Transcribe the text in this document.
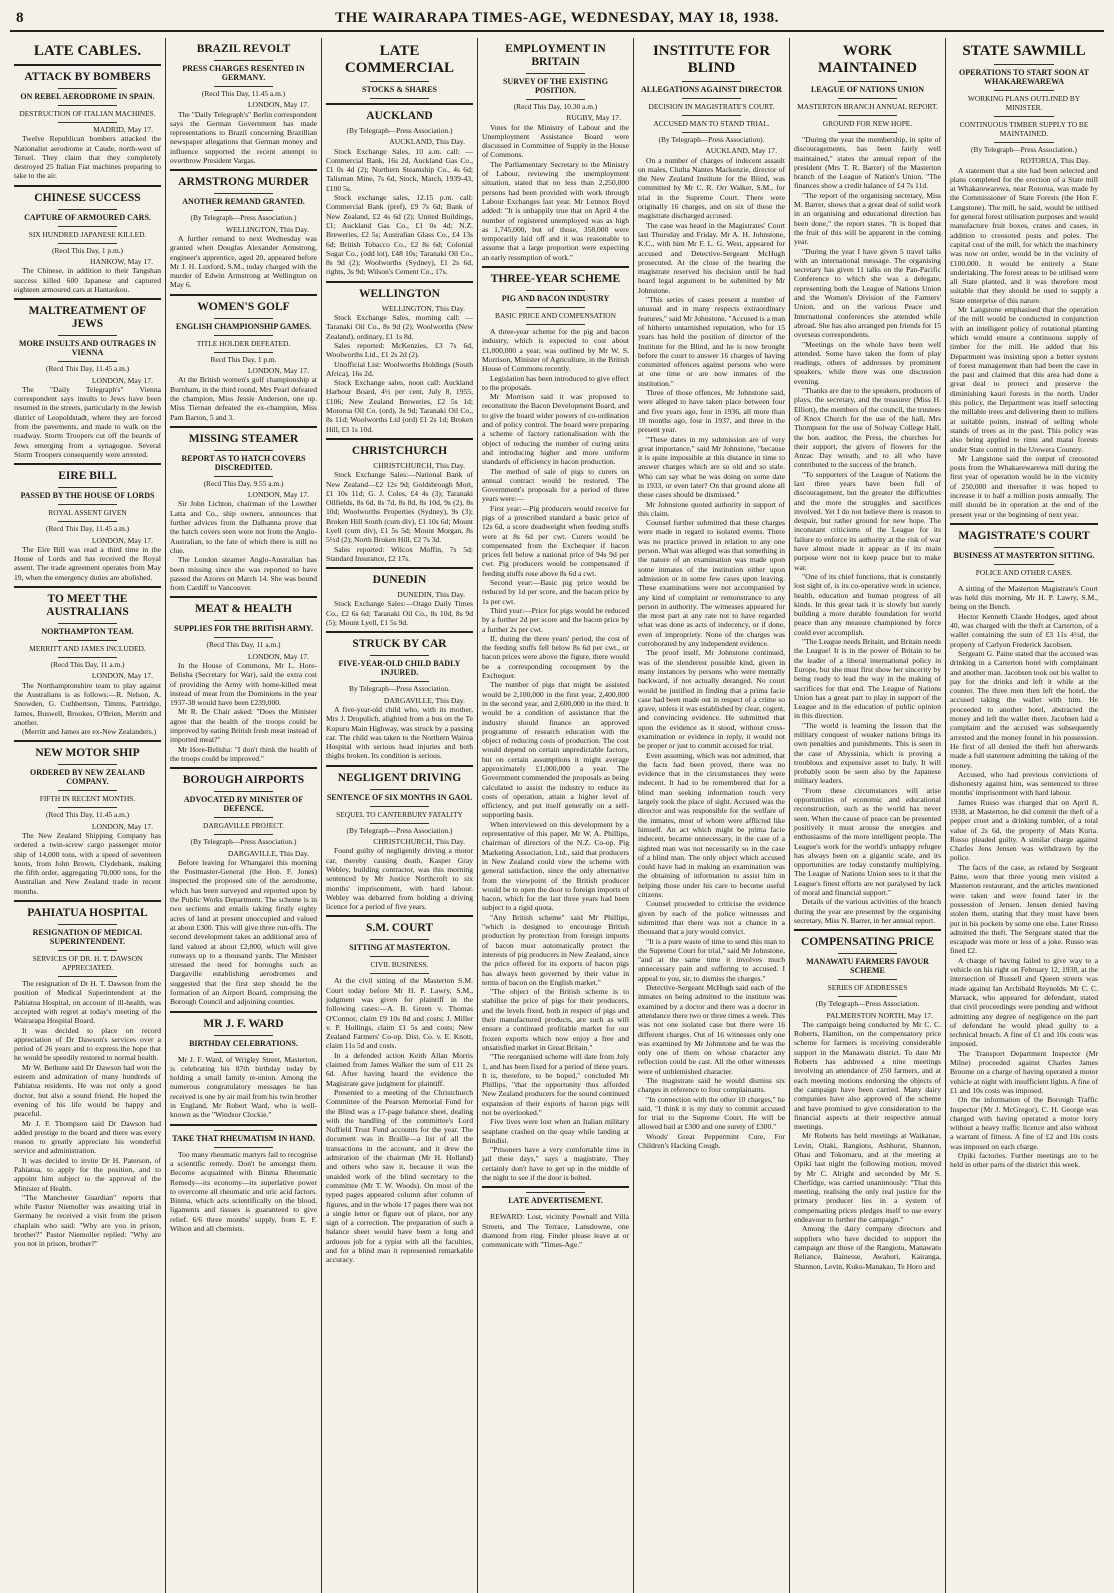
8	THE WAIRARAPA TIMES-AGE, WEDNESDAY, MAY 18, 1938.
LATE CABLES.
ATTACK BY BOMBERS
ON REBEL AERODROME IN SPAIN.
DESTRUCTION OF ITALIAN MACHINES.
MADRID, May 17.

Twelve Republican bombers attacked the Nationalist aerodrome at Caude, north-west of Teruel. They claim that they completely destroyed 25 Italian Fiat machines preparing to take to the air.

CHINESE SUCCESS
CAPTURE OF ARMOURED CARS.
SIX HUNDRED JAPANESE KILLED.
(Recd This Day, 1 p.m.)
HANKOW, May 17.

The Chinese, in addition to their Tangshan success killed 600 Japanese and captured eighteen armoured cars at Hantaokou.

MALTREATMENT OF JEWS
MORE INSULTS AND OUTRAGES IN VIENNA
(Recd This Day, 11.45 a.m.)
LONDON, May 17.

The "Daily Telegraph's" Vienna correspondent says insults to Jews have been resumed in the streets, particularly in the Jewish district of Leopoldstadt, where they are forced from the pavements, and made to walk on the roadway. Storm Troopers cut off the beards of Jews emerging from a synagogue. Several Storm Troopers consequently were arrested.

EIRE BILL
PASSED BY THE HOUSE OF LORDS
ROYAL ASSENT GIVEN
(Recd This Day, 11.45 a.m.)
LONDON, May 17.

The Eire Bill was read a third time in the House of Lords and has received the Royal assent. The trade agreement operates from May 19, when the emergency duties are abolished.

TO MEET THE AUSTRALIANS
NORTHAMPTON TEAM.
MERRITT AND JAMES INCLUDED.
(Recd This Day, 11 a.m.)
LONDON, May 17.

The Northamptonshire team to play against the Australians is as follows:—R. Nelson, A. Snowden, G. Cuthbertson, Timms, Partridge, James, Buswell, Brookes, O'Brien, Merritt and another.

(Merritt and James are ex-New Zealanders.)

NEW MOTOR SHIP
ORDERED BY NEW ZEALAND COMPANY.
FIFTH IN RECENT MONTHS.
(Recd This Day, 11.45 a.m.)
LONDON, May 17.

The New Zealand Shipping Company has ordered a twin-screw cargo passenger motor ship of 14,000 tons, with a speed of seventeen knots, from John Brown, Clydebank, making the fifth order, aggregating 70,000 tons, for the Australian and New Zealand trade in recent months.

PAHIATUA HOSPITAL
RESIGNATION OF MEDICAL SUPERINTENDENT.
SERVICES OF DR. H. T. DAWSON APPRECIATED.

The resignation of Dr H. T. Dawson from the position of Medical Superintendent at the Pahiatua Hospital, on account of ill-health, was accepted with regret at today's meeting of the Wairarapa Hospital Board.

It was decided to place on record appreciation of Dr Dawson's services over a period of 26 years and to express the hope that he would be speedily restored to normal health.

Mr W. Bethune said Dr Dawson had won the esteem and admiration of many hundreds of Pahiatua residents. He was not only a good doctor, but also a sound friend. He hoped the evening of his life would be happy and peaceful.

Mr J. F. Thompson said Dr Dawson had added prestige to the board and there was every reason to greatly appreciate his wonderful service and administration.

It was decided to invite Dr H. Paterson, of Pahiatua, to apply for the position, and to appoint him subject to the approval of the Minister of Health.

"The Manchester Guardian" reports that while Pastor Niemoller was awaiting trial in Germany he received a visit from the prison chaplain who said: "Why are you in prison, brother?" Pastor Niemoller replied: "Why are you not in prison, brother?"

BRAZIL REVOLT
PRESS CHARGES RESENTED IN GERMANY.
(Recd This Day, 11.45 a.m.)
LONDON, May 17.

The "Daily Telegraph's" Berlin correspondent says the German Government has made representations to Brazil concerning Brazillian newspaper allegations that German money and influence supported the recent attempt to overthrow President Vargas.

ARMSTRONG MURDER
ANOTHER REMAND GRANTED.
(By Telegraph—Press Association.)
WELLINGTON, This Day.

A further remand to next Wednesday was granted when Douglas Alexander Armstrong, engineer's apprentice, aged 20, appeared before Mr J. H. Luxford, S.M., today charged with the murder of Edwin Armstrong at Wellington on May 6.

WOMEN'S GOLF
ENGLISH CHAMPIONSHIP GAMES.
TITLE HOLDER DEFEATED.
Recd This Day, 1 p.m.
LONDON, May 17.

At the British women's golf championship at Burnham, in the third round, Mrs Pearl defeated the champion, Miss Jessie Anderson, one up. Miss Tiernan defeated the ex-champion, Miss Pam Barton, 5 and 3.

MISSING STEAMER
REPORT AS TO HATCH COVERS DISCREDITED.
(Recd This Day, 9.55 a.m.)
LONDON, May 17.

Sir John Lichton, chairman of the Lowther Latta and Co., ship owners, announces that further advices from the Dalhanna prove that the hatch covers seen were not from the Anglo-Australian, to the fate of which there is still no clue.

The London steamer Anglo-Australian has been missing since she was reported to have passed the Azores on March 14. She was bound from Cardiff to Vancouver.

MEAT & HEALTH
SUPPLIES FOR THE BRITISH ARMY.
(Recd This Day, 11 a.m.)
LONDON, May 17.

In the House of Commons, Mr L. Hore-Belisha (Secretary for War), said the extra cost of providing the Army with home-killed meat instead of meat from the Dominions in the year 1937-38 would have been £239,000.

Mr R. De Chair asked: "Does the Minister agree that the health of the troops could be improved by eating British fresh meat instead of imported meat?"

Mr Hore-Belisha: "I don't think the health of the troops could be improved."

BOROUGH AIRPORTS
ADVOCATED BY MINISTER OF DEFENCE.
DARGAVILLE PROJECT.
(By Telegraph—Press Association.)
DARGAVILLE, This Day.

Before leaving for Whangarei this morning the Postmaster-General (the Hon. F. Jones) inspected the proposed site of the aerodrome, which has been surveyed and reported upon by the Public Works Department. The scheme is in two sections and entails taking firstly eighty acres of land at present unoccupied and valued at about £300. This will give three run-offs. The second development takes an additional area of land valued at about £2,000, which will give runways up to a thousand yards. The Minister stressed the need for boroughs such as Dargaville establishing aerodromes and suggested that the first step should be the formation of an Airport Board, comprising the Borough Council and adjoining counties.

MR J. F. WARD
BIRTHDAY CELEBRATIONS.

Mr J. F. Ward, of Wrigley Street, Masterton, is celebrating his 87th birthday today by holding a small family re-union. Among the numerous congratulatory messages he has received is one by air mail from his twin brother in England, Mr Robert Ward, who is well-known as the "Windsor Clockie."

TAKE THAT RHEUMATISM IN HAND.

Too many rheumatic martyrs fail to recognise a scientific remedy. Don't be amongst them. Become acquainted with Binma Rheumatic Remedy—its economy—its superlative power to overcome all rheumatic and uric acid factors. Binma, which acts scientifically on the blood, ligaments and tissues is guaranteed to give relief. 6/6 three months' supply, from E. F. Wilson and all chemists.

LATE COMMERCIAL
STOCKS & SHARES
AUCKLAND
(By Telegraph—Press Association.)
AUCKLAND, This Day.

Stock Exchange Sales, 10 a.m. call: —Commercial Bank, 16s 2d, Auckland Gas Co., £1 0s 4d (2); Northern Steamship Co., 4s 6d; Talisman Mine, 7s 6d, Stock, March, 1939-43, £100 5s.

Stock exchange sales, 12.15 p.m. call: Commercial Bank (pref), £9 7s 6d; Bank of New Zealand, £2 4s 6d (2); United Buildings, £1; Auckland Gas Co., £1 0s 4d; N.Z. Breweries, £2 5s; Australian Glass Co., £4 13s 6d; British Tobacco Co., £2 8s 6d; Colonial Sugar Co., (odd lot), £48 10s; Taranaki Oil Co., 8s 9d (2); Woolworths (Sydney), £1 2s 6d, rights, 3s 9d; Wilson's Cement Co., 17s.

WELLINGTON
WELLINGTON, This Day.

Stock Exchange Sales, morning call: —Taranaki Oil Co., 8s 9d (2); Woolworths (New Zealand), ordinary, £1 1s 8d.

Sales reported: McKenzies, £3 7s 6d, Woolworths Ltd., £1 2s 2d (2).

Unofficial List: Woolworths Holdings (South Africa), 16s 2d.

Stock Exchange sales, noon call: Auckland Harbour Board, 4½ per cent, July 8, 1955, £106; New Zealand Breweries, £2 5s 1d; Motorua Oil Co. (ord), 3s 9d; Taranaki Oil Co., 8s 11d; Woolworths Ltd (ord) £1 2s 1d; Broken Hill, £3 1s 10d.

CHRISTCHURCH
CHRISTCHURCH, This Day.

Stock Exchange Sales:—National Bank of New Zealand—£2 12s 9d; Goldsbrough Mort, £1 10s 11d; G. J. Coles, £4 4s (3); Taranaki Oilfields, 8s 6d, 8s 7d, 8s 8d, 8s 10d, 9s (2), 8s 10d; Woolworths Properties (Sydney), 9s (3); Broken Hill South (cum div), £1 10s 6d; Mount Lyell (cum div), £1 5s 5d; Mount Morgan, 8s 5½d (2); North Broken Hill, £2 7s 3d.

Sales reported: Wilcox Moffin, 7s 5d; Standard Insurance, £2 17s.

DUNEDIN
DUNEDIN, This Day.

Stock Exchange Sales:—Otago Daily Times Co., £2 6s 6d; Taranaki Oil Co., 8s 10d, 8s 9d (5); Mount Lyell, £1 5s 9d.

STRUCK BY CAR
FIVE-YEAR-OLD CHILD BADLY INJURED.
By Telegraph—Press Association.
DARGAVILLE, This Day.

A five-year-old child who, with its mother, Mrs J. Dropulich, alighted from a bus on the Te Kopuru Main Highway, was struck by a passing car. The child was taken to the Northern Wairoa Hospital with serious head injuries and both thighs broken. Its condition is serious.

NEGLIGENT DRIVING
SENTENCE OF SIX MONTHS IN GAOL
SEQUEL TO CANTERBURY FATALITY
(By Telegraph—Press Association.)
CHRISTCHURCH, This Day.

Found guilty of negligently driving a motor car, thereby causing death, Kasper Gray Webley, building contractor, was this morning sentenced by Mr Justice Northcroft to six months' imprisonment, with hard labour. Webley was debarred from holding a driving licence for a period of five years.

S.M. COURT
SITTING AT MASTERTON.
CIVIL BUSINESS.

At the civil sitting of the Masterton S.M. Court today before Mr H. P. Lawry, S.M., judgment was given for plaintiff in the following cases:—A. B. Green v. Thomas O'Connor, claim £9 10s 8d and costs; J. Miller v. P. Hollings, claim £1 5s and costs; New Zealand Farmers' Co-op. Dist. Co. v. E. Knott, claim 11s 5d and costs.

In a defended action Keith Allan Morris claimed from James Walker the sum of £11 2s 6d. After having heard the evidence the Magistrate gave judgment for plaintiff.

Presented to a meeting of the Christchurch Committee of the Pearson Memorial Fund for the Blind was a 17-page balance sheet, dealing with the handling of the committee's Lord Nuffield Trust Fund accounts for the year. The document was in Braille—a list of all the transactions in the account, and it drew the admiration of the chairman (Mr H. Holland) and others who saw it, because it was the unaided work of the blind secretary to the committee (Mr T. W. Woods). On most of the typed pages appeared column after column of figures, and in the whole 17 pages there was not a single letter or figure out of place, nor any sign of a correction. The preparation of such a balance sheet would have been a long and arduous job for a typist with all the faculties, and for a blind man it represented remarkable accuracy.

EMPLOYMENT IN BRITAIN
SURVEY OF THE EXISTING POSITION.
(Recd This Day, 10.30 a.m.)
RUGBY, May 17.

Votes for the Ministry of Labour and the Unemployment Assistance Board were discussed in Committee of Supply in the House of Commons.

The Parliamentary Secretary to the Ministry of Labour, reviewing the unemployment situation, stated that no less than 2,250,000 persons had been provided with work through Labour Exchanges last year. Mr Lennox Boyd added: "It is unhappily true that on April 4 the number of registered unemployed was as high as 1,745,000, but of those, 358,000 were temporarily laid off and it was reasonable to assume that a large proportion were expecting an early resumption of work."

THREE-YEAR SCHEME
PIG AND BACON INDUSTRY
BASIC PRICE AND COMPENSATION

A three-year scheme for the pig and bacon industry, which is expected to cost about £1,000,000 a year, was outlined by Mr W. S. Morrison, Minister of Agriculture, in the British House of Commons recently.

Legislation has been introduced to give effect to the proposals.

Mr Morrison said it was proposed to reconstitute the Bacon Development Board, and to give the board wider powers of co-ordination and of policy control. The board were preparing a scheme of factory rationalisation with the object of reducing the number of curing units and introducing higher and more uniform standards of efficiency in bacon production.

The method of sale of pigs to curers on annual contract would be restored. The Government's proposals for a period of three years were:—

First year:—Pig producers would receive for pigs of a prescribed standard a basic price of 12s 6d, a score deadweight when feeding stuffs were at 8s 6d per cwt. Curers would be compensated from the Exchequer if bacon prices fell below a national price of 94s 9d per cwt. Pig producers would be compensated if feeding stuffs rose above 8s 6d a cwt.

Second year:—Basic pig price would be reduced by 1d per score, and the bacon price by 1s per cwt.

Third year:—Price for pigs would be reduced by a further 2d per score and the bacon price by a further 2s per cwt.

If, during the three years' period, the cost of the feeding stuffs fell below 8s 6d per cwt., or bacon prices were above the figure, there would be a corresponding recoupment by the Exchequer.

The number of pigs that might be assisted would be 2,100,000 in the first year, 2,400,000 in the second year, and 2,600,000 in the third. It would be a condition of assistance that the industry should finance an approved programme of research education with the object of reducing costs of production. The cost would depend on certain unpredictable factors, but on certain assumptions it might average approximately £1,000,000 a year. The Government commended the proposals as being calculated to assist the industry to reduce its costs of operation, attain a higher level of efficiency, and put itself generally on a self-supporting basis.

When interviewed on this development by a representative of this paper, Mr W. A. Phillips, chairman of directors of the N.Z. Co-op. Pig Marketing Association, Ltd., said that producers in New Zealand could view the scheme with general satisfaction, since the only alternative from the viewpoint of the British producer would be to open the door to foreign imports of bacon, which for the last three years had been subject to a rigid quota.

"Any British scheme" said Mr Phillips, "which is designed to encourage British production by protection from foreign imports of bacon must automatically protect the interests of pig producers in New Zealand, since the price offered for its exports of bacon pigs has always been governed by their value in terms of bacon on the English market."

"The object of the British scheme is to stabilise the price of pigs for their producers, and the levels fixed, both in respect of pigs and their manufactured products, are such as will ensure a continued profitable market for our frozen exports which now enjoy a free and unsatisfied market in Great Britain."

"The reorganised scheme will date from July 1, and has been fixed for a period of three years. It is, therefore, to be hoped," concluded Mr Phillips, "that the opportunity thus afforded New Zealand producers for the sound continued expansion of their exports of bacon pigs will not be overlooked."

Five lives were lost when an Italian military seaplane crashed on the quay while landing at Brindisi.

"Prisoners have a very comfortable time in jail these days," says a magistrate. They certainly don't have to get up in the middle of the night to see if the door is bolted.

LATE ADVERTISEMENT.

REWARD: Lost, vicinity Pownall and Villa Streets, and The Terrace, Lansdowne, one diamond from ring. Finder please leave at or communicate with "Times-Age."

INSTITUTE FOR BLIND
ALLEGATIONS AGAINST DIRECTOR
DECISION IN MAGISTRATE'S COURT.
ACCUSED MAN TO STAND TRIAL.
(By Telegraph—Press Association).
AUCKLAND, May 17.

On a number of charges of indecent assault on males, Clutha Nantes Mackenzie, director of the New Zealand Institute for the Blind, was committed by Mr C. R. Orr Walker, S.M., for trial in the Supreme Court. There were originally 16 charges, and on six of these the magistrate discharged accused.

The case was heard in the Magistrates' Court last Thursday and Friday. Mr A. H. Johnstone, K.C., with him Mr F. L. G. West, appeared for accused and Detective-Sergeant McHugh prosecuted. At the close of the hearing the magistrate reserved his decision until he had heard legal argument to be submitted by Mr Johnstone.

"This series of cases present a number of unusual and in many respects extraordinary features," said Mr Johnstone. "Accused is a man of hitherto untarnished reputation, who for 15 years has held the position of director of the Institute for the Blind, and he is now brought before the court to answer 16 charges of having committed offences against persons who were at one time or are now inmates of the institution."

Three of those offences, Mr Johnstone said, were alleged to have taken place between four and five years ago, four in 1936, all more than 18 months ago, four in 1937, and three in the present year.

"These dates in my submission are of very great importance," said Mr Johnstone, "because it is quite impossible at this distance in time to answer charges which are so old and so stale. Who can say what he was doing on some date in 1933, or even later? On that ground alone all these cases should be dismissed."

Mr Johnstone quoted authority in support of this claim.

Counsel further submitted that these charges were made in regard to isolated events. There was no practice proved in relation to any one person. What was alleged was that something in the nature of an examination was made upon some inmates of the institution either upon admission or in some few cases upon leaving. These examinations were not accompanied by any kind of complaint or remonstrance to any person in authority. The witnesses appeared for the most part at any rate not to have regarded what was done as acts of indecency, or if done, even of impropriety. None of the charges was corroborated by any independent evidence.

The proof itself, Mr Johnstone continued, was of the slenderest possible kind, given in many instances by persons who were mentally backward, if not actually deranged. No court would be justified in finding that a prima facie case had been made out in respect of a crime so grave, unless it was established by clear, cogent, and convincing evidence. He submitted that upon the evidence as it stood, without cross-examination or evidence in reply, it would not be proper or just to commit accused for trial.

Even assuming, which was not admitted, that the facts had been proved, there was no evidence that in the circumstances they were indecent. It had to be remembered that for a blind man seeking information touch very largely took the place of sight. Accused was the director and was responsible for the welfare of the inmates, most of whom were afflicted like himself. An act which might be prima facie indecent, became unnecessary, in the case of a sighted man was not necessarily so in the case of a blind man. The only object which accused could have had in making an examination was the obtaining of information to assist him in helping those under his care to become useful citizens.

Counsel proceeded to criticise the evidence given by each of the police witnesses and submitted that there was not a chance in a thousand that a jury would convict.

"It is a pure waste of time to send this man to the Supreme Court for trial," said Mr Johnstone, "and at the same time it involves much unnecessary pain and suffering to accused. I appeal to you, sir, to dismiss the charges."

Detective-Sergeant McHugh said each of the inmates on being admitted to the institute was examined by a doctor and there was a doctor in attendance there two or three times a week. This was not one isolated case but there were 16 different charges. Out of 16 witnesses only one was examined by Mr Johnstone and he was the only one of them on whose character any reflection could be cast. All the other witnesses were of unblemished character.

The magistrate said he would dismiss six charges in reference to four complainants.

"In connection with the other 10 charges," he said, "I think it is my duty to commit accused for trial to the Supreme Court. He will be allowed bail at £300 and one surety of £300."

Woods' Great Peppermint Cure, For Children's Hacking Cough.

WORK MAINTAINED
LEAGUE OF NATIONS UNION
MASTERTON BRANCH ANNUAL REPORT.
GROUND FOR NEW HOPE.

"During the year the membership, in spite of discouragements, has been fairly well maintained," states the annual report of the president (Mrs T. R. Barrer) of the Masterton branch of the League of Nation's Union. "The finances show a credit balance of £4 7s 11d.

"The report of the organising secretary, Miss M. Barrer, shows that a great deal of solid work in an organising and educational direction has been done," the report states. "It is hoped that the fruit of this will be apparent in the coming year.

"During the year I have given 5 travel talks with an international message. The organising secretary has given 11 talks on the Pan-Pacific Conference to which she was a delegate, representing both the League of Nations Union and the Women's Division of the Farmers' Union, and on the various Peace and International conferences she attended while abroad. She has also arranged pen friends for 15 overseas correspondents.

"Meetings on the whole have been well attended. Some have taken the form of play readings, others of addresses by prominent speakers, while there was one discussion evening.

"Thanks are due to the speakers, producers of plays, the secretary, and the treasurer (Miss H. Elliott), the members of the council, the trustees of Knox Church for the use of the hall, Mrs Thompson for the use of Solway College Hall, the hon. auditor, the Press, the churches for their support, the givers of flowers for the Anzac Day wreath, and to all who have contributed to the success of the branch.

"To supporters of the League of Nations the last three years have been full of discouragement, but the greater the difficulties and the more the struggles and sacrifices involved. Yet I do not believe there is reason to despair, but rather ground for new hope. The inconstant criticisms of the League for its failure to enforce its authority at the risk of war have almost made it appear as if its main purpose were not to keep peace but to make war.

"One of its chief functions, that is constantly lost sight of, is its co-operative work in science, health, education and human progress of all kinds. In this great task it is slowly but surely building a more durable foundation for world peace than any measure championed by force could ever accomplish.

"The League needs Britain, and Britain needs the League! It is in the power of Britain to be the leader of a liberal international policy in Europe, but she must first show her sincerity by being ready to lead the way in the making of sacrifices for that end. The League of Nations Union has a great part to play in support of the League and in the education of public opinion in this direction.

"The world is learning the lesson that the military conquest of weaker nations brings its own penalties and punishments. This is seen in the case of Abyssinia, which is proving a troublous and expensive asset to Italy. It will probably soon be seen also by the Japanese military leaders.

"From these circumstances will arise opportunities of economic and educational reconstruction, such as the world has never seen. When the cause of peace can be presented positively it must arouse the energies and enthusiasms of the more intelligent people. The League's work for the world's unhappy refugee has always been on a gigantic scale, and its opportunities are today constantly multiplying. The League of Nations Union sees to it that the League's finest efforts are not paralysed by lack of moral and financial support."

Details of the various activities of the branch during the year are presented by the organising secretary, Miss N. Barrer, in her annual report.

COMPENSATING PRICE
MANAWATU FARMERS FAVOUR SCHEME
SERIES OF ADDRESSES
(By Telegraph—Press Association.
PALMERSTON NORTH, May 17.

The campaign being conducted by Mr C. C. Roberts, Hamilton, on the compensatory price scheme for farmers is receiving considerable support in the Manawatu district. To date Mr Roberts has addressed a nine meetings involving an attendance of 250 farmers, and at each meeting motions endorsing the objects of the campaign have been carried. Many dairy companies have also approved of the scheme and have promised to give consideration to the financial aspects at their respective annual meetings.

Mr Roberts has held meetings at Waikanae, Levin, Otaki, Rangiotu, Ashhurst, Shannon, Ohau and Tokomaru, and at the meeting at Opiki last night the following motion, moved by Mr C. Alright and seconded by Mr S. Cherlidge, was carried unanimously: "That this meeting, realising the only real justice for the primary producer lies in a system of compensating prices pledges itself to use every endeavour to further the campaign."

Among the dairy company directors and suppliers who have decided to support the campaign are those of the Rangiotu, Manawatu Reliance, Bainesse, Awahuri, Kairanga, Shannon, Levin, Kuku-Manakau, Te Horo and

STATE SAWMILL
OPERATIONS TO START SOON AT WHAKAREWAREWA
WORKING PLANS OUTLINED BY MINISTER.
CONTINUOUS TIMBER SUPPLY TO BE MAINTAINED.
(By Telegraph—Press Association.)
ROTORUA, This Day.

A statement that a site had been selected and plans completed for the erection of a State mill at Whakarewarewa, near Rotorua, was made by the Commissioner of State Forests (the Hon F. Langstone). The mill, he said, would be utilised for general forest utilisation purposes and would manufacture fruit boxes, crates and cases, in addition to creosoted posts and poles. The capital cost of the mill, for which the machinery was now on order, would be in the vicinity of £100,000. It would be entirely a State undertaking. The forest areas to be utilised were all State planted, and it was therefore most suitable that they should be used to supply a State enterprise of this nature.

Mr Langstone emphasised that the operation of the mill would be conducted in conjunction with an intelligent policy of rotational planting which would ensure a continuous supply of timber for the mill. He added that his Department was insisting upon a better system of forest management than had been the case in the past and claimed that this area had done a great deal to protect and preserve the diminishing kauri forests in the north. Under this policy, the Department was itself selecting the millable trees and delivering them to millers at suitable points, instead of selling whole stands of trees as in the past. This policy was also being applied to rimu and matai forests under State control in the Urewera Country.

Mr Langstone said the output of creosoted posts from the Whakarewarewa mill during the first year of operation would be in the vicinity of 250,000 and thereafter it was hoped to increase it to half a million posts annually. The mill should be in operation at the end of the present year or the beginning of next year.

MAGISTRATE'S COURT
BUSINESS AT MASTERTON SITTING.
POLICE AND OTHER CASES.

A sitting of the Masterton Magistrate's Court was held this morning, Mr H. P. Lawry, S.M., being on the Bench.

Hector Kenneth Claude Hodges, aged about 40, was charged with the theft at Carterton, of a wallet containing the sum of £3 11s 4½d, the property of Carlyon Frederick Jacobsen.

Sergeant G. Paine stated that the accused was drinking in a Carterton hotel with complainant and another man. Jacobsen took out his wallet to pay for the drinks and left it while at the counter. The three men then left the hotel, the accused taking the wallet with him. He proceeded to another hotel, abstracted the money and left the wallet there. Jacobsen laid a complaint and the accused was subsequently arrested and the money found in his possession. He first of all denied the theft but afterwards made a full statement admitting the taking of the money.

Accused, who had previous convictions of dishonesty against him, was sentenced to three months' imprisonment with hard labour.

James Russo was charged that on April 8, 1938, at Masterton, he did commit the theft of a pepper cruet and a drinking tumbler, of a total value of 2s 6d, the property of Mats Kurta. Russo pleaded guilty. A similar charge against Charles Jens Jensen was withdrawn by the police.

The facts of the case, as related by Sergeant Paine, were that three young men visited a Masterton restaurant, and the articles mentioned were taken and were found later in the possession of Jensen. Jensen denied having stolen them, stating that they must have been put in his pockets by some one else. Later Russo admitted the theft. The Sergeant stated that the escapade was more or less of a joke. Russo was fined £2.

A charge of having failed to give way to a vehicle on his right on February 12, 1938, at the intersection of Russell and Queen streets was made against Ian Archibald Reynolds. Mr C. C. Marsack, who appeared for defendant, stated that civil proceedings were pending and without admitting any degree of negligence on the part of defendant he would plead guilty to a technical breach. A fine of £1 and 10s costs was imposed.

The Transport Department Inspector (Mr Milne) proceeded against Charles James Broome on a charge of having operated a motor vehicle at night with insufficient lights. A fine of £1 and 10s costs was imposed.

On the information of the Borough Traffic Inspector (Mr J. McGregor), C. H. George was charged with having operated a motor lorry without a heavy traffic licence and also without a warrant of fitness. A fine of £2 and 10s costs was imposed on each charge.

Opiki factories. Further meetings are to be held in other parts of the district this week.
